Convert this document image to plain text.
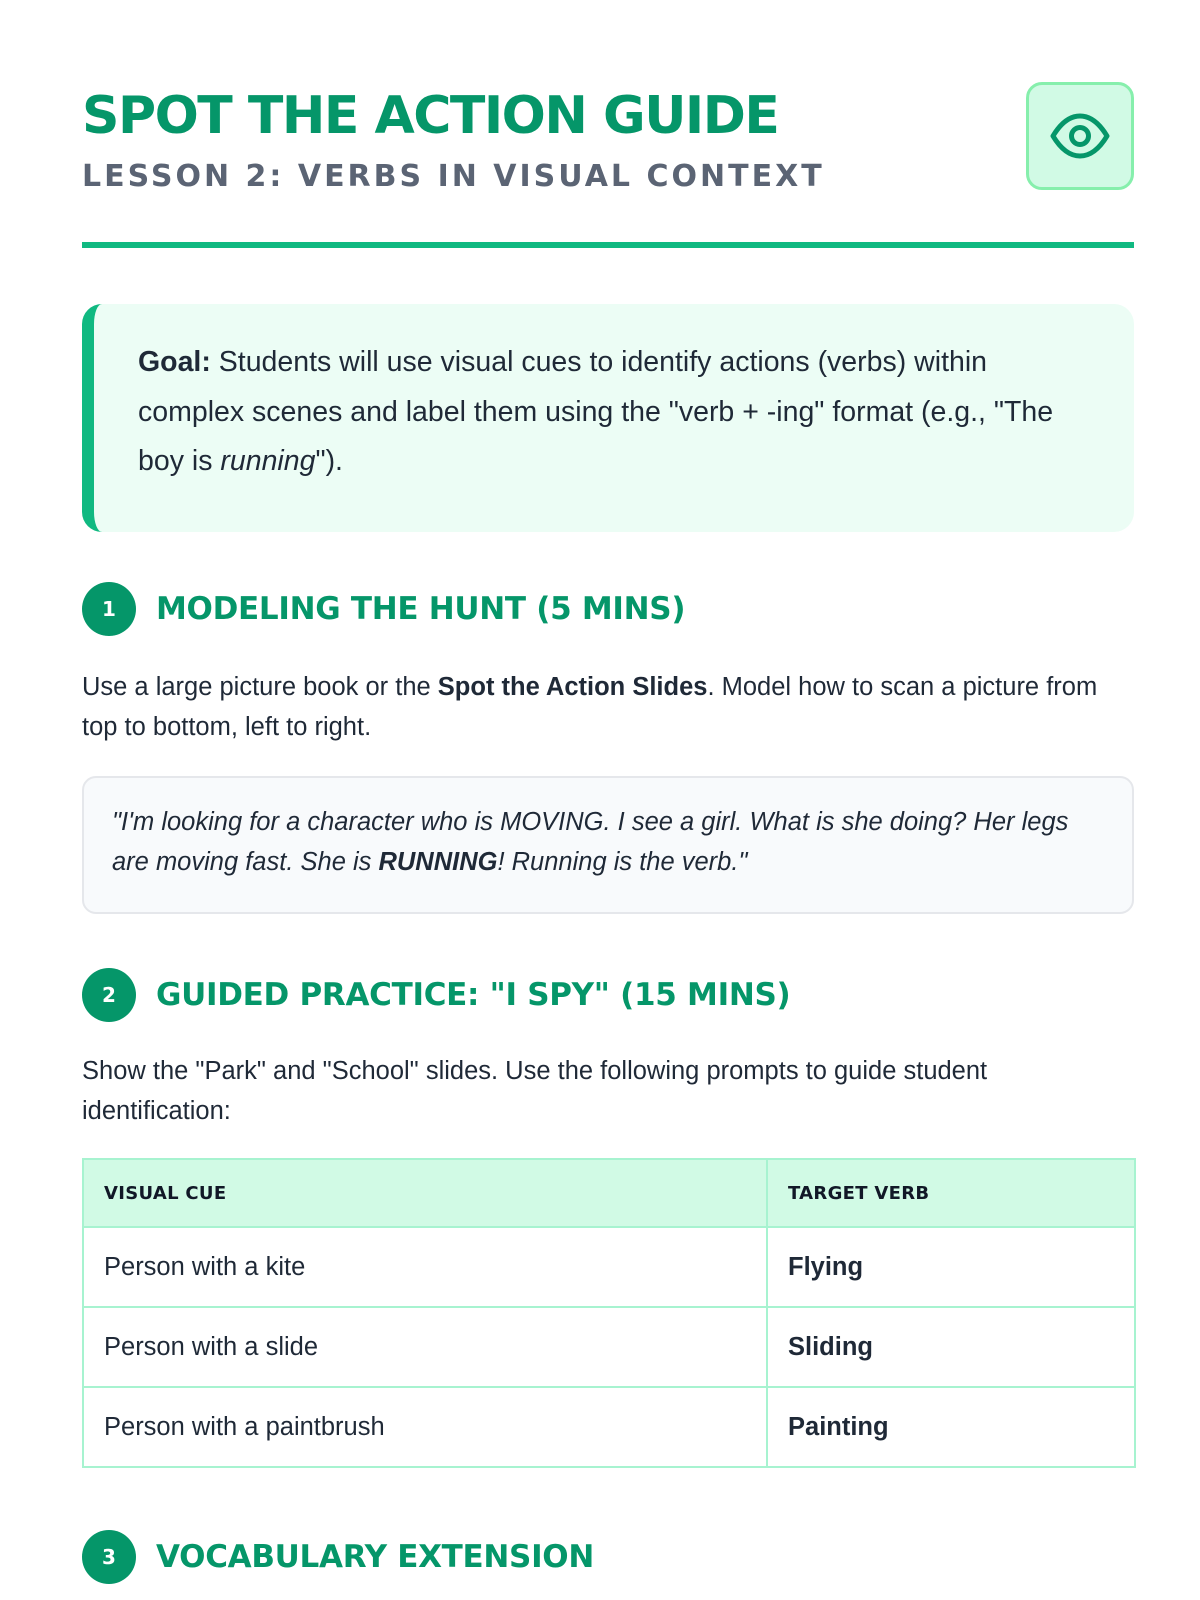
SPOT THE ACTION GUIDE
LESSON 2: VERBS IN VISUAL CONTEXT
Goal: Students will use visual cues to identify actions (verbs) within complex scenes and label them using the "verb + -ing" format (e.g., "The boy is running").
1	MODELING THE HUNT (5 MINS)

Use a large picture book or the Spot the Action Slides. Model how to scan a picture from top to bottom, left to right.

"I'm looking for a character who is MOVING. I see a girl. What is she doing? Her legs are moving fast. She is RUNNING! Running is the verb."
2	GUIDED PRACTICE: "I SPY" (15 MINS)

Show the "Park" and "School" slides. Use the following prompts to guide student identification:

VISUAL CUE	TARGET VERB
Person with a kite	Flying
Person with a slide	Sliding
Person with a paintbrush	Painting
3	VOCABULARY EXTENSION
